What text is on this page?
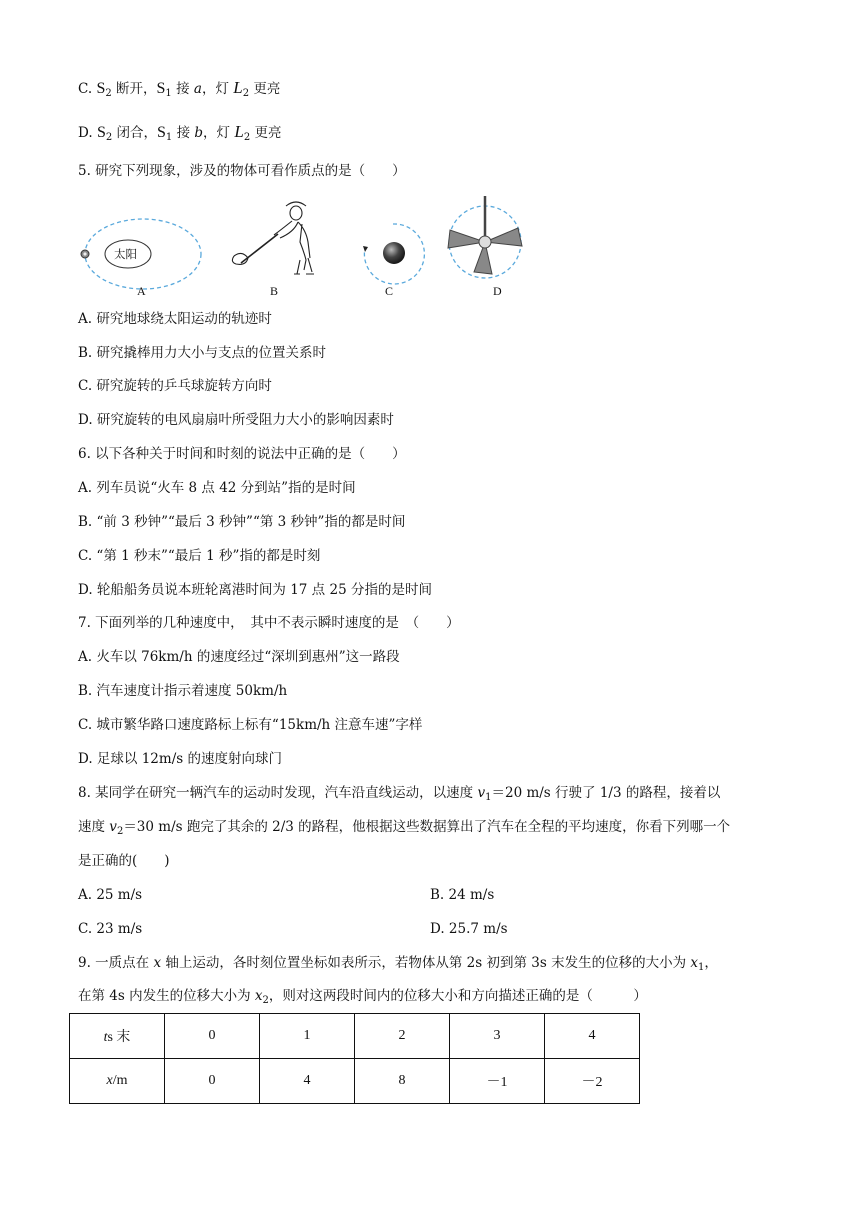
C. $S_2$ 断开，$S_1$ 接 a，灯 $L_2$ 更亮
D. $S_2$ 闭合，$S_1$ 接 b，灯 $L_2$ 更亮
5. 研究下列现象，涉及的物体可看作质点的是（　　）
太阳
A	B	C	D
A. 研究地球绕太阳运动的轨迹时
B. 研究撬棒用力大小与支点的位置关系时
C. 研究旋转的乒乓球旋转方向时
D. 研究旋转的电风扇扇叶所受阻力大小的影响因素时
6. 以下各种关于时间和时刻的说法中正确的是（　　）
A. 列车员说“火车 8 点 42 分到站”指的是时间
B. “前 3 秒钟”“最后 3 秒钟”“第 3 秒钟”指的都是时间
C. “第 1 秒末”“最后 1 秒”指的都是时刻
D. 轮船船务员说本班轮离港时间为 17 点 25 分指的是时间
7. 下面列举的几种速度中，　其中不表示瞬时速度的是　（　　）
A. 火车以 76km/h 的速度经过“深圳到惠州”这一路段
B. 汽车速度计指示着速度 50km/h
C. 城市繁华路口速度路标上标有“15km/h 注意车速”字样
D. 足球以 12m/s 的速度射向球门
8. 某同学在研究一辆汽车的运动时发现，汽车沿直线运动，以速度 $v_1=20$ m/s 行驶了 1/3 的路程，接着以
速度 $v_2=30$ m/s 跑完了其余的 2/3 的路程，他根据这些数据算出了汽车在全程的平均速度，你看下列哪一个
是正确的(　　)
A. 25 m/s	B. 24 m/s
C. 23 m/s	D. 25.7 m/s
9. 一质点在 x 轴上运动，各时刻位置坐标如表所示，若物体从第 2s 初到第 3s 末发生的位移的大小为 $x_1$，
在第 4s 内发生的位移大小为 $x_2$，则对这两段时间内的位移大小和方向描述正确的是（　　　）
ts 末	0	1	2	3	4
x/m	0	4	8	－1	－2
